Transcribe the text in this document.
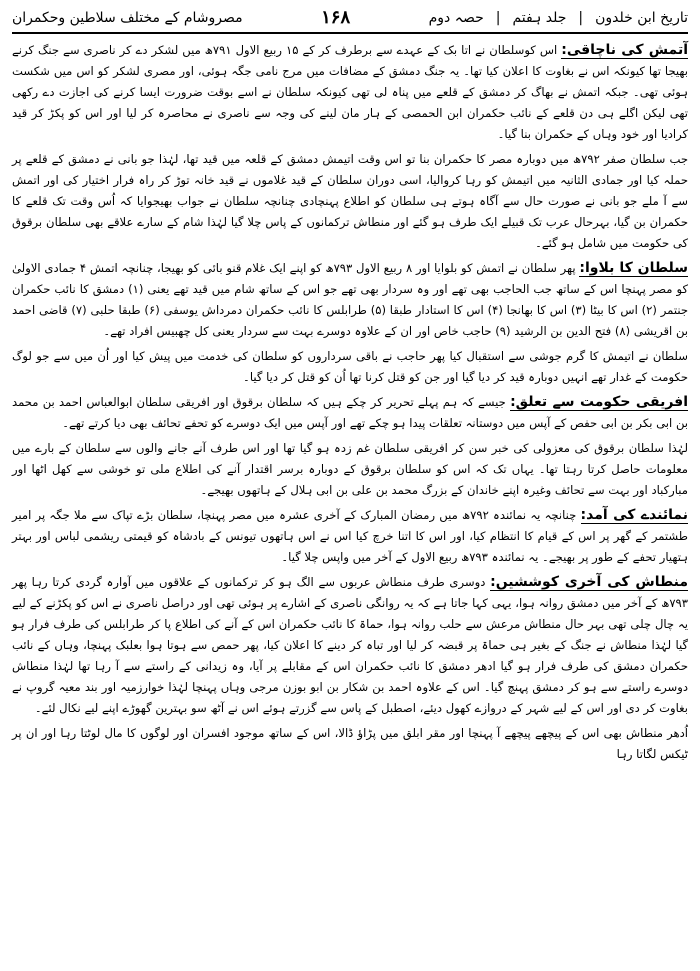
تاریخ ابن خلدون
|
جلد ہفتم
|
حصہ دوم
۱۶۸
مصروشام کے مختلف سلاطین وحکمران

آتمش کی ناچاقی: اس کوسلطان نے اتا بک کے عہدے سے برطرف کر کے ۱۵ ربیع الاول ۷۹۱ھ میں لشکر دے کر ناصری سے جنگ کرنے بھیجا تھا کیونکہ اس نے بغاوت کا اعلان کیا تھا۔ یہ جنگ دمشق کے مضافات میں مرج نامی جگہ ہوئی، اور مصری لشکر کو اس میں شکست ہوئی تھی۔ جبکہ اتمش نے بھاگ کر دمشق کے قلعے میں پناہ لی تھی کیونکہ سلطان نے اسے بوقت ضرورت ایسا کرنے کی اجازت دے رکھی تھی لیکن اگلے ہی دن قلعے کے نائب حکمران ابن الحمصی کے ہار مان لینے کی وجہ سے ناصری نے محاصرہ کر لیا اور اس کو پکڑ کر قید کرادیا اور خود وہاں کے حکمران بنا گیا۔

جب سلطان صفر ۷۹۲ھ میں دوبارہ مصر کا حکمران بنا تو اس وقت اتیمش دمشق کے قلعہ میں قید تھا، لہٰذا جو بانی نے دمشق کے قلعے پر حملہ کیا اور جمادی الثانیہ میں اتیمش کو رہا کروالیا، اسی دوران سلطان کے قید غلاموں نے قید خانہ توڑ کر راہ فرار اختیار کی اور اتمش سے آ ملے جو بانی نے صورت حال سے آگاہ ہوتے ہی سلطان کو اطلاع پہنچادی چنانچہ سلطان نے جواب بھیجوایا کہ اُس وقت تک قلعے کا حکمران بن گیا، بہرحال عرب تک قبیلے ایک طرف ہو گئے اور منطاش ترکمانوں کے پاس چلا گیا لہٰذا شام کے سارے علاقے بھی سلطان برقوق کی حکومت میں شامل ہو گئے۔

سلطان کا بلاوا: پھر سلطان نے اتمش کو بلوایا اور ۸ ربیع الاول ۷۹۳ھ کو اپنے ایک غلام قنو بائی کو بھیجا، چنانچہ اتمش ۴ جمادی الاولیٰ کو مصر پہنچا اس کے ساتھ جب الحاجب بھی تھے اور وہ سردار بھی تھے جو اس کے ساتھ شام میں قید تھے یعنی (۱) دمشق کا نائب حکمران جنتمر (۲) اس کا بیٹا (۳) اس کا بھانجا (۴) اس کا استادار طبقا (۵) طرابلس کا نائب حکمران دمرداش یوسفی (۶) طبقا حلبی (۷) قاضی احمد بن اقریشی (۸) فتح الدین بن الرشید (۹) حاجب خاص اور ان کے علاوہ دوسرے بہت سے سردار یعنی کل چھبیس افراد تھے۔

سلطان نے اتیمش کا گرم جوشی سے استقبال کیا پھر حاجب نے باقی سرداروں کو سلطان کی خدمت میں پیش کیا اور اُن میں سے جو لوگ حکومت کے غدار تھے انہیں دوبارہ قید کر دیا گیا اور جن کو قتل کرنا تھا اُن کو قتل کر دیا گیا۔

افریقی حکومت سے تعلق: جیسے کہ ہم پہلے تحریر کر چکے ہیں کہ سلطان برقوق اور افریقی سلطان ابوالعباس احمد بن محمد بن ابی بکر بن ابی حفص کے آپس میں دوستانہ تعلقات پیدا ہو چکے تھے اور آپس میں ایک دوسرے کو تحفے تحائف بھی دیا کرتے تھے۔

لہٰذا سلطان برقوق کی معزولی کی خبر سن کر افریقی سلطان غم زدہ ہو گیا تھا اور اس طرف آنے جانے والوں سے سلطان کے بارے میں معلومات حاصل کرتا رہتا تھا۔ یہاں تک کہ اس کو سلطان برقوق کے دوبارہ برسر اقتدار آنے کی اطلاع ملی تو خوشی سے کھل اٹھا اور مبارکباد اور بہت سے تحائف وغیرہ اپنے خاندان کے بزرگ محمد بن علی بن ابی ہلال کے ہاتھوں بھیجے۔

نمائندے کی آمد: چنانچہ یہ نمائندہ ۷۹۲ھ میں رمضان المبارک کے آخری عشرہ میں مصر پہنچا، سلطان بڑے تپاک سے ملا جگہ پر امیر طشتمر کے گھر پر اس کے قیام کا انتظام کیا، اور اس کا اتنا خرچ کیا اس نے اس ہاتھوں تیونس کے بادشاہ کو قیمتی ریشمی لباس اور بہتر ہتھیار تحفے کے طور پر بھیجے۔ یہ نمائندہ ۷۹۳ھ ربیع الاول کے آخر میں واپس چلا گیا۔

منطاش کی آخری کوششیں: دوسری طرف منطاش عربوں سے الگ ہو کر ترکمانوں کے علاقوں میں آوارہ گردی کرتا رہا پھر ۷۹۳ھ کے آخر میں دمشق روانہ ہوا، یہی کہا جاتا ہے کہ یہ روانگی ناصری کے اشارے پر ہوئی تھی اور دراصل ناصری نے اس کو پکڑنے کے لیے یہ چال چلی تھی بہر حال منطاش مرعش سے حلب روانہ ہوا، حماۃ کا نائب حکمران اس کے آنے کی اطلاع پا کر طرابلس کی طرف فرار ہو گیا لہٰذا منطاش نے جنگ کے بغیر ہی حماۃ پر قبضہ کر لیا اور تباہ کر دینے کا اعلان کیا، پھر حمص سے ہوتا ہوا بعلبک پہنچا، وہاں کے نائب حکمران دمشق کی طرف فرار ہو گیا ادھر دمشق کا نائب حکمران اس کے مقابلے پر آیا، وہ زیدانی کے راستے سے آ رہا تھا لہٰذا منطاش دوسرے راستے سے ہو کر دمشق پہنچ گیا۔ اس کے علاوہ احمد بن شکار بن ابو بوزن مرجی وہاں پہنچا لہٰذا خوارزمیہ اور بند معیہ گروپ نے بغاوت کر دی اور اس کے لیے شہر کے دروازے کھول دیئے، اصطبل کے پاس سے گزرتے ہوئے اس نے آٹھ سو بہترین گھوڑے اپنے لیے نکال لئے۔

اُدھر منطاش بھی اس کے پیچھے پیچھے آ پہنچا اور مقر ابلق میں پڑاؤ ڈالا، اس کے ساتھ موجود افسران اور لوگوں کا مال لوٹتا رہا اور ان پر ٹیکس لگاتا رہا
